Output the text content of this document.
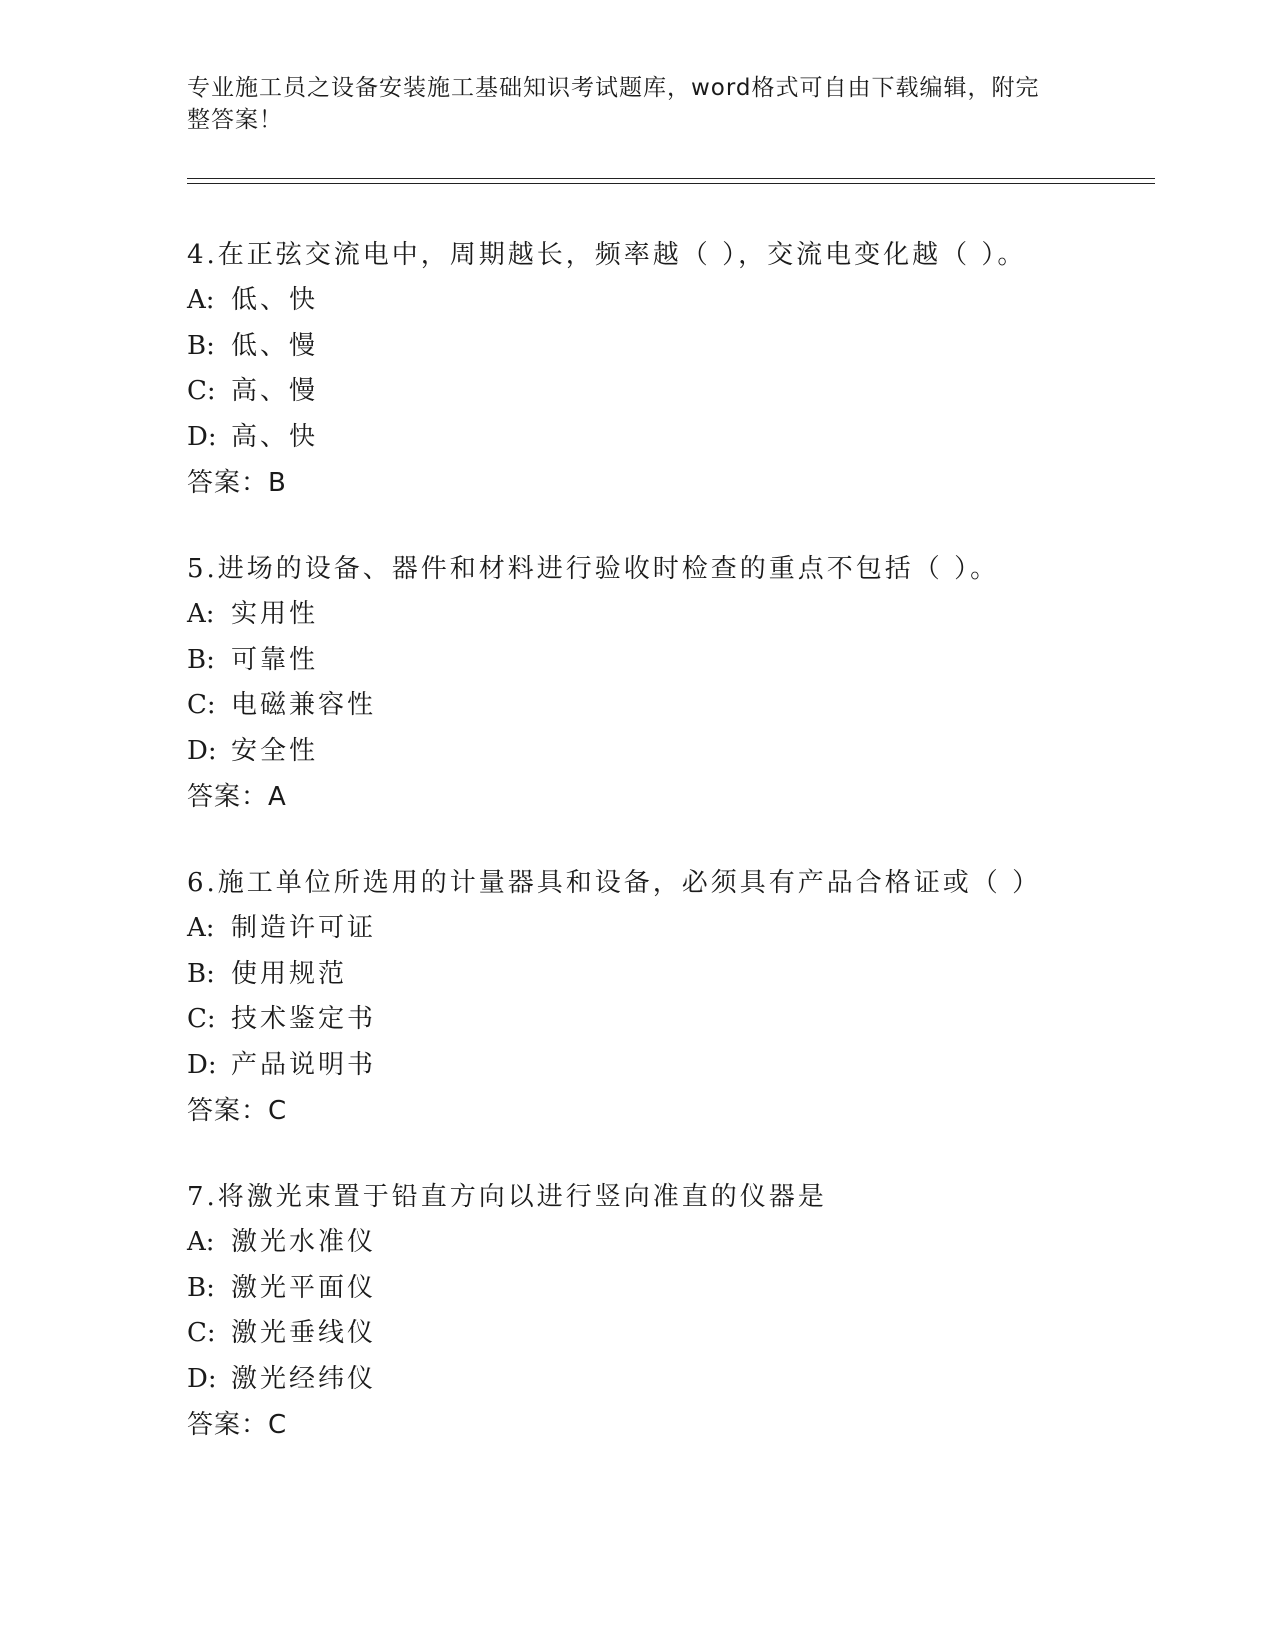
专业施工员之设备安装施工基础知识考试题库，word格式可自由下载编辑，附完
整答案！
4.在正弦交流电中，周期越长，频率越（ ），交流电变化越（ ）。
A: 低、快
B: 低、慢
C: 高、慢
D: 高、快
答案：B
5.进场的设备、器件和材料进行验收时检查的重点不包括（ ）。
A: 实用性
B: 可靠性
C: 电磁兼容性
D: 安全性
答案：A
6.施工单位所选用的计量器具和设备，必须具有产品合格证或（ ）
A: 制造许可证
B: 使用规范
C: 技术鉴定书
D: 产品说明书
答案：C
7.将激光束置于铅直方向以进行竖向准直的仪器是
A: 激光水准仪
B: 激光平面仪
C: 激光垂线仪
D: 激光经纬仪
答案：C
